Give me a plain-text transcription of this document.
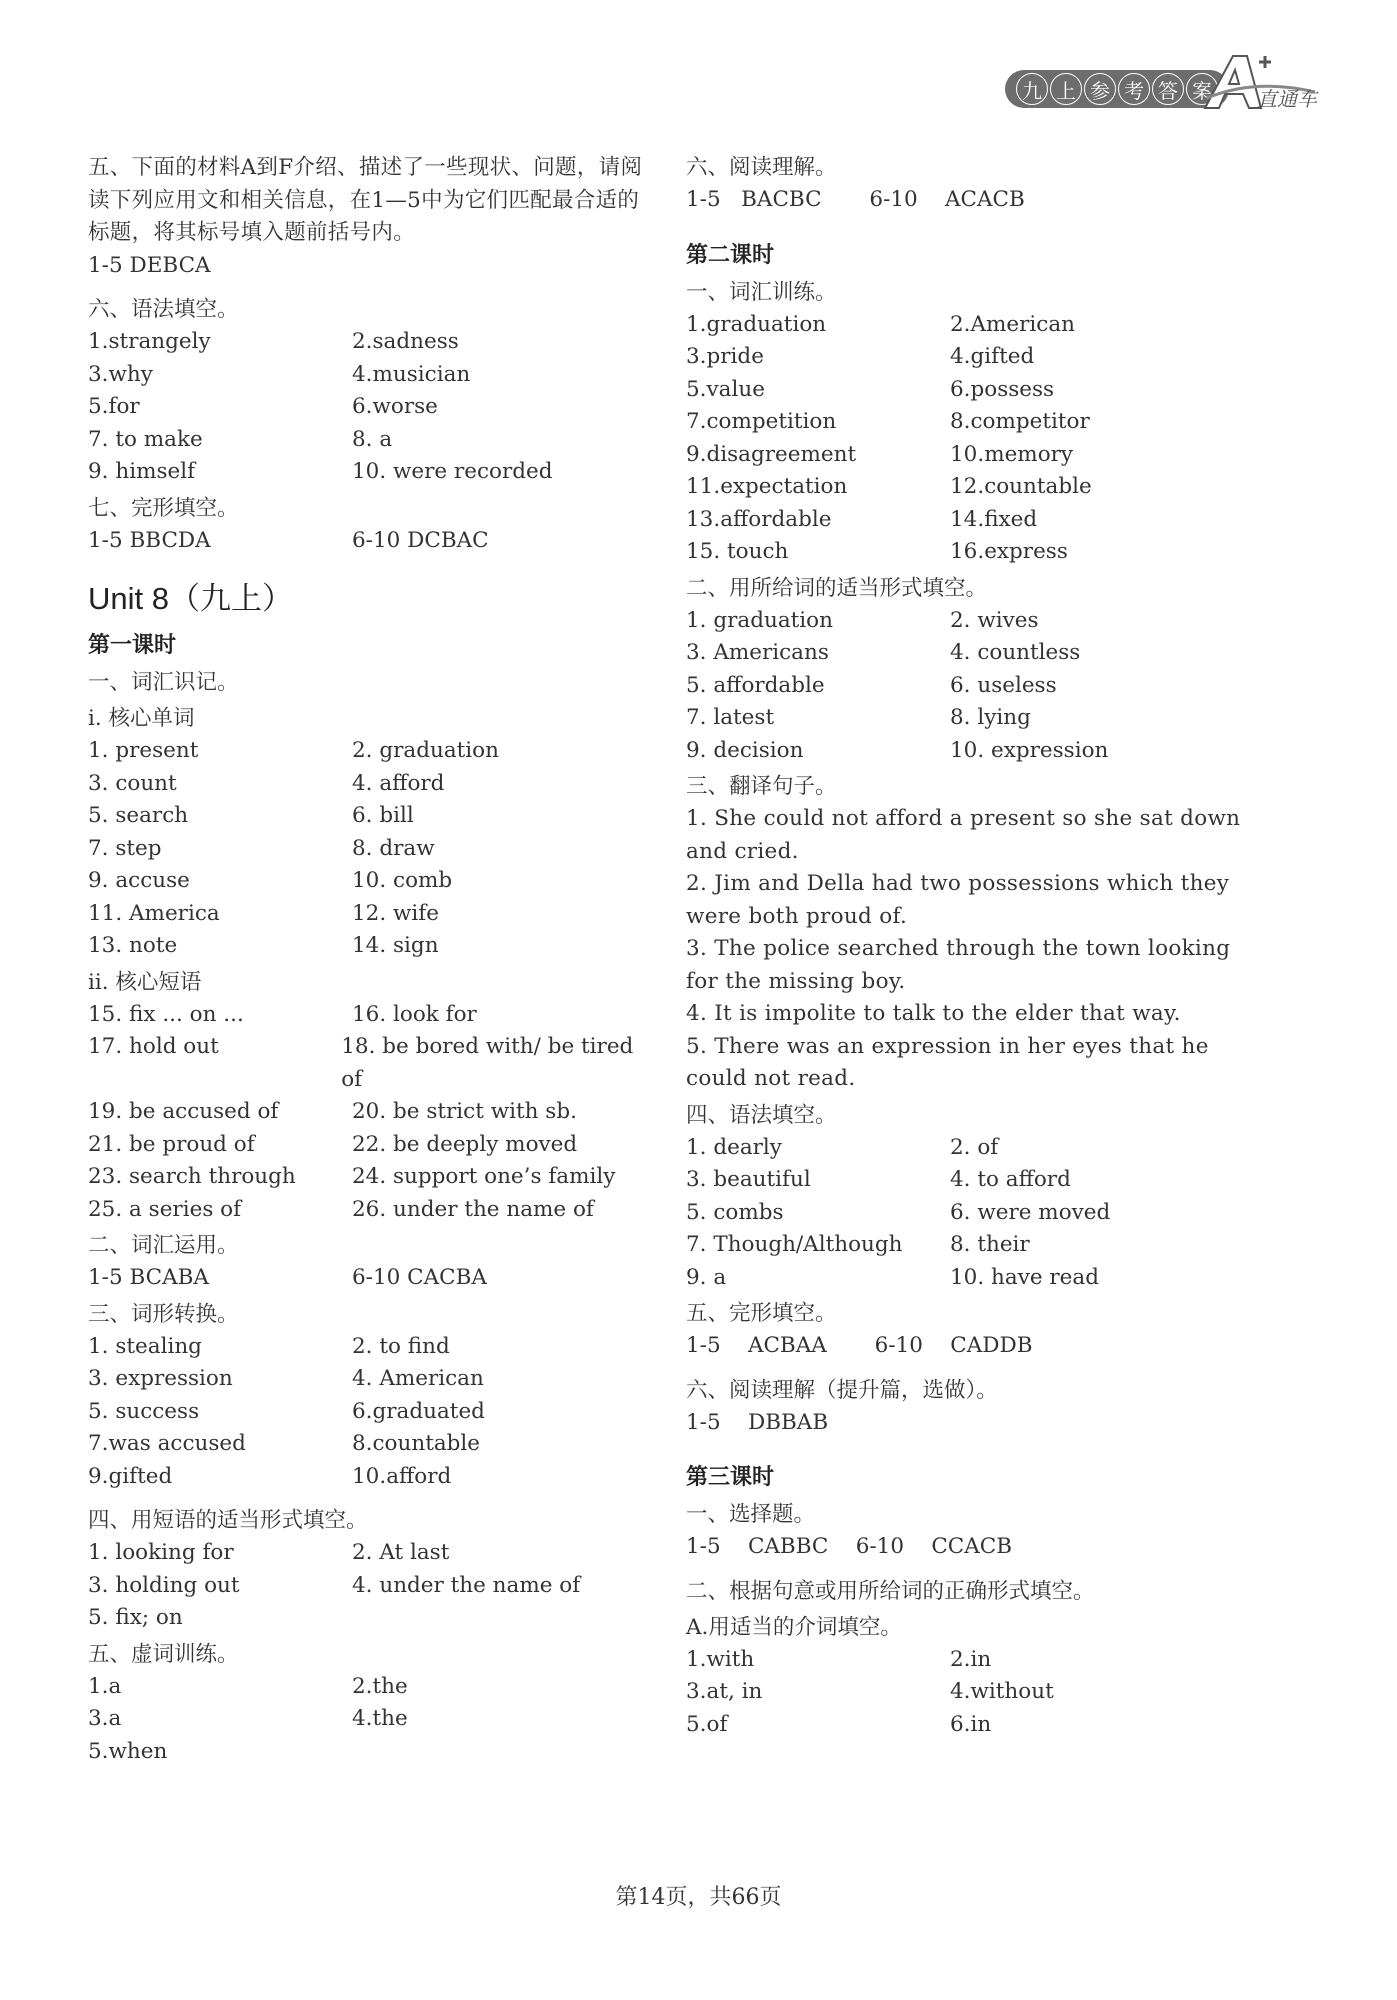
九 上 参 考 答 案	直通车
五、下面的材料A到F介绍、描述了一些现状、问题，请阅读下列应用文和相关信息，在1—5中为它们匹配最合适的标题，将其标号填入题前括号内。
1-5 DEBCA
六、语法填空。
1.strangely	2.sadness
3.why	4.musician
5.for	6.worse
7. to make	8. a
9. himself	10. were recorded
七、完形填空。
1-5 BBCDA	6-10 DCBAC
Unit 8（九上）
第一课时
一、词汇识记。
i. 核心单词
1. present	2. graduation
3. count	4. afford
5. search	6. bill
7. step	8. draw
9. accuse	10. comb
11. America	12. wife
13. note	14. sign
ii. 核心短语
15. fix ... on ...	16. look for
17. hold out	18. be bored with/ be tired of
19. be accused of	20. be strict with sb.
21. be proud of	22. be deeply moved
23. search through	24. support one’s family
25. a series of	26. under the name of
二、词汇运用。
1-5 BCABA	6-10 CACBA
三、词形转换。
1. stealing	2. to find
3. expression	4. American
5. success	6.graduated
7.was accused	8.countable
9.gifted	10.afford
四、用短语的适当形式填空。
1. looking for	2. At last
3. holding out	4. under the name of
5. fix; on
五、虚词训练。
1.a	2.the
3.a	4.the
5.when
六、阅读理解。
1-5   BACBC       6-10    ACACB
第二课时
一、词汇训练。
1.graduation	2.American
3.pride	4.gifted
5.value	6.possess
7.competition	8.competitor
9.disagreement	10.memory
11.expectation	12.countable
13.affordable	14.fixed
15. touch	16.express
二、用所给词的适当形式填空。
1. graduation	2. wives
3. Americans	4. countless
5. affordable	6. useless
7. latest	8. lying
9. decision	10. expression
三、翻译句子。
1. She could not afford a present so she sat down and cried.
2. Jim and Della had two possessions which they were both proud of.
3. The police searched through the town looking for the missing boy.
4. It is impolite to talk to the elder that way.
5. There was an expression in her eyes that he could not read.
四、语法填空。
1. dearly	2. of
3. beautiful	4. to afford
5. combs	6. were moved
7. Though/Although	8. their
9. a	10. have read
五、完形填空。
1-5    ACBAA       6-10    CADDB
六、阅读理解（提升篇，选做）。
1-5    DBBAB
第三课时
一、选择题。
1-5    CABBC    6-10    CCACB
二、根据句意或用所给词的正确形式填空。
A.用适当的介词填空。
1.with	2.in
3.at, in	4.without
5.of	6.in
第14页，共66页
